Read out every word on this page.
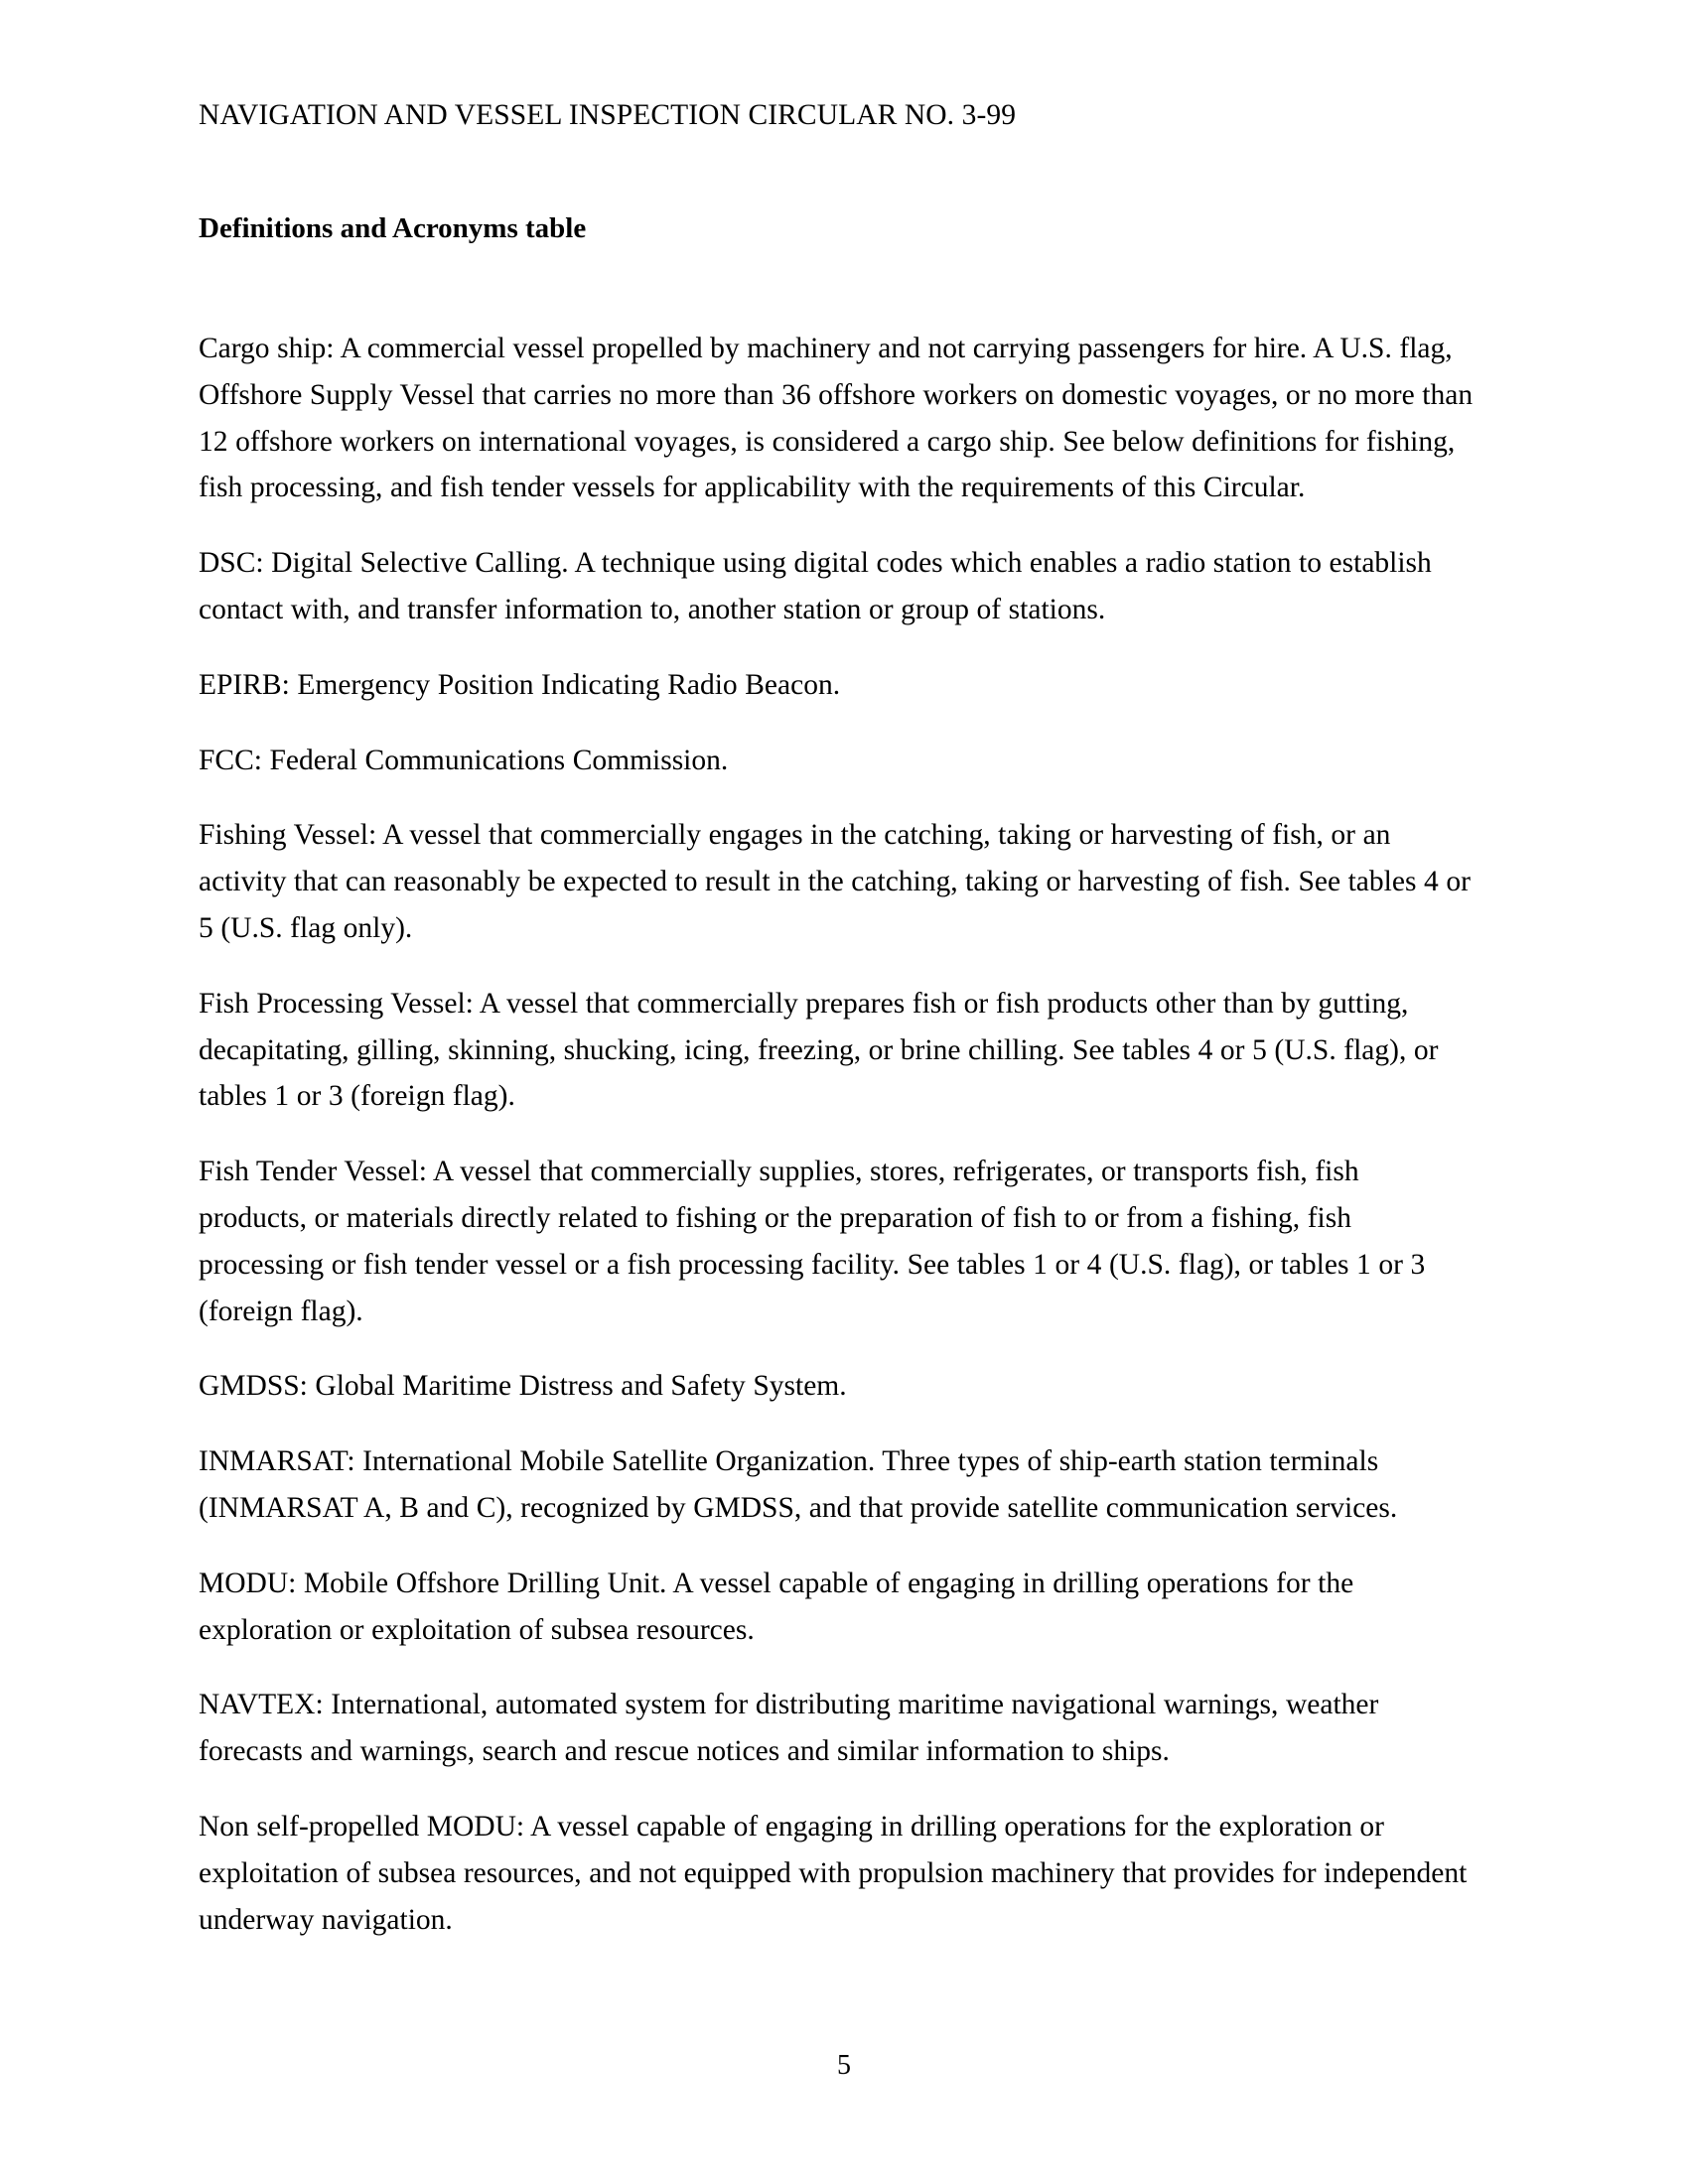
NAVIGATION AND VESSEL INSPECTION CIRCULAR NO. 3-99
Definitions and Acronyms table

Cargo ship: A commercial vessel propelled by machinery and not carrying passengers for hire. A U.S. flag, Offshore Supply Vessel that carries no more than 36 offshore workers on domestic voyages, or no more than 12 offshore workers on international voyages, is considered a cargo ship. See below definitions for fishing, fish processing, and fish tender vessels for applicability with the requirements of this Circular.

DSC: Digital Selective Calling. A technique using digital codes which enables a radio station to establish contact with, and transfer information to, another station or group of stations.

EPIRB: Emergency Position Indicating Radio Beacon.

FCC: Federal Communications Commission.

Fishing Vessel: A vessel that commercially engages in the catching, taking or harvesting of fish, or an activity that can reasonably be expected to result in the catching, taking or harvesting of fish. See tables 4 or 5 (U.S. flag only).

Fish Processing Vessel: A vessel that commercially prepares fish or fish products other than by gutting, decapitating, gilling, skinning, shucking, icing, freezing, or brine chilling. See tables 4 or 5 (U.S. flag), or tables 1 or 3 (foreign flag).

Fish Tender Vessel: A vessel that commercially supplies, stores, refrigerates, or transports fish, fish products, or materials directly related to fishing or the preparation of fish to or from a fishing, fish processing or fish tender vessel or a fish processing facility. See tables 1 or 4 (U.S. flag), or tables 1 or 3 (foreign flag).

GMDSS: Global Maritime Distress and Safety System.

INMARSAT: International Mobile Satellite Organization. Three types of ship-earth station terminals (INMARSAT A, B and C), recognized by GMDSS, and that provide satellite communication services.

MODU: Mobile Offshore Drilling Unit. A vessel capable of engaging in drilling operations for the exploration or exploitation of subsea resources.

NAVTEX: International, automated system for distributing maritime navigational warnings, weather forecasts and warnings, search and rescue notices and similar information to ships.

Non self-propelled MODU: A vessel capable of engaging in drilling operations for the exploration or exploitation of subsea resources, and not equipped with propulsion machinery that provides for independent underway navigation.

5
